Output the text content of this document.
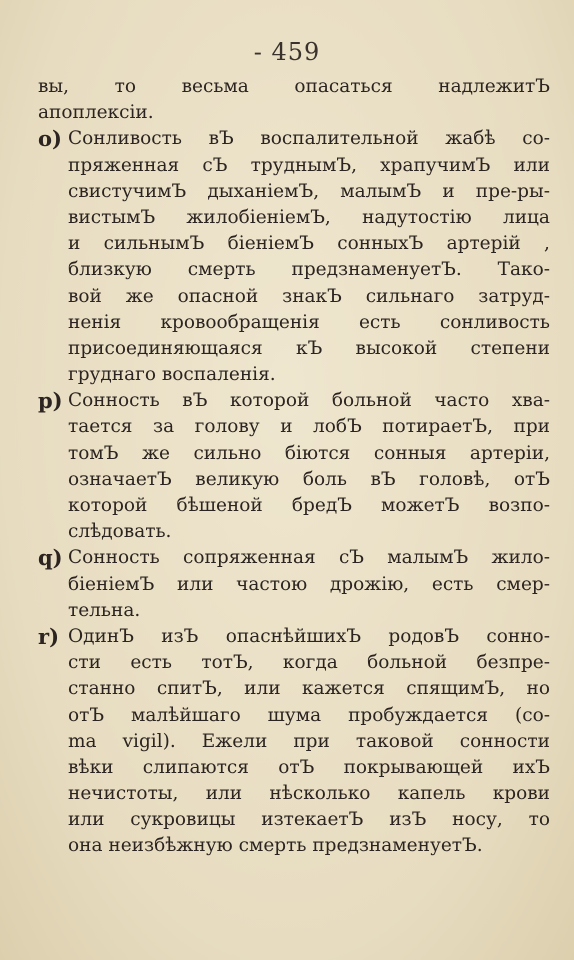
- 459
вы, то весьма опасаться надлежитЪ
апоплексіи.
o) Сонливость вЪ воспалительной жабѣ со-
пряженная сЪ труднымЪ, храпучимЪ или
свистучимЪ дыханіемЪ, малымЪ и пре-ры-
вистымЪ жилобіеніемЪ, надутостію лица
и сильнымЪ біеніемЪ сонныхЪ артерій ,
близкую смерть предзнаменуетЪ. Тако-
вой же опасной знакЪ сильнаго затруд-
ненія кровообращенія есть сонливость
присоединяющаяся кЪ высокой степени
груднаго воспаленія.
p) Сонность вЪ которой больной часто хва-
тается за голову и лобЪ потираетЪ, при
томЪ же сильно біются сонныя артеріи,
означаетЪ великую боль вЪ головѣ, отЪ
которой бѣшеной бредЪ можетЪ возпо-
слѣдовать.
q) Сонность сопряженная сЪ малымЪ жило-
біеніемЪ или частою дрожію, есть смер-
тельна.
r) ОдинЪ изЪ опаснѣйшихЪ родовЪ сонно-
сти есть тотЪ, когда больной безпре-
станно спитЪ, или кажется спящимЪ, но
отЪ малѣйшаго шума пробуждается (co-
ma vigil). Ежели при таковой сонности
вѣки слипаются отЪ покрывающей ихЪ
нечистоты, или нѣсколько капель крови
или сукровицы изтекаетЪ изЪ носу, то
она неизбѣжную смерть предзнаменуетЪ.
